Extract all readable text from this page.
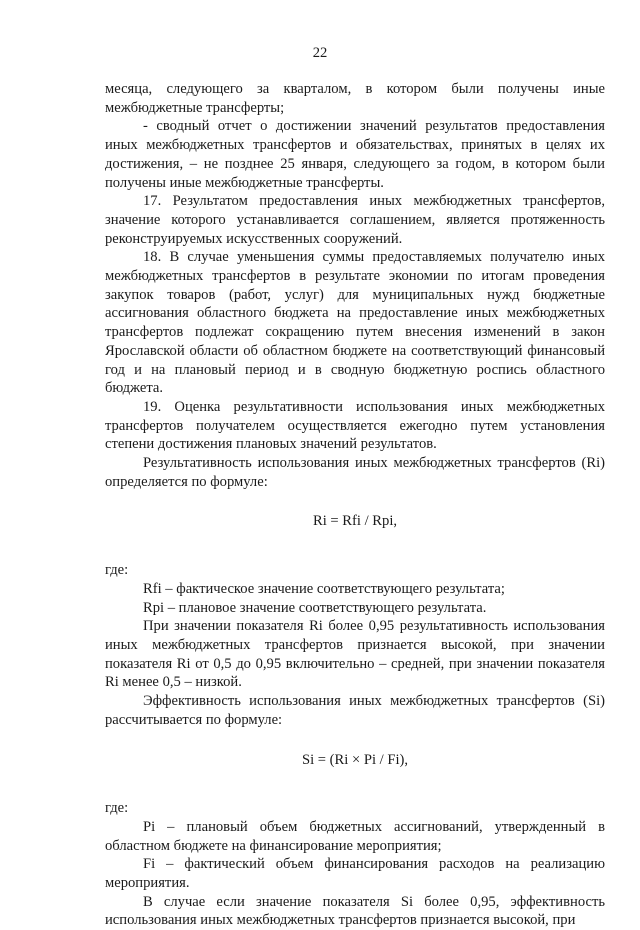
22

месяца, следующего за кварталом, в котором были получены иные межбюджетные трансферты;

- сводный отчет о достижении значений результатов предоставления иных межбюджетных трансфертов и обязательствах, принятых в целях их достижения, – не позднее 25 января, следующего за годом, в котором были получены иные межбюджетные трансферты.

17. Результатом предоставления иных межбюджетных трансфертов, значение которого устанавливается соглашением, является протяженность реконструируемых искусственных сооружений.

18. В случае уменьшения суммы предоставляемых получателю иных межбюджетных трансфертов в результате экономии по итогам проведения закупок товаров (работ, услуг) для муниципальных нужд бюджетные ассигнования областного бюджета на предоставление иных межбюджетных трансфертов подлежат сокращению путем внесения изменений в закон Ярославской области об областном бюджете на соответствующий финансовый год и на плановый период и в сводную бюджетную роспись областного бюджета.

19. Оценка результативности использования иных межбюджетных трансфертов получателем осуществляется ежегодно путем установления степени достижения плановых значений результатов.

Результативность использования иных межбюджетных трансфертов (Ri) определяется по формуле:

Ri = Rfi / Rpi,

где:

Rfi – фактическое значение соответствующего результата;

Rpi – плановое значение соответствующего результата.

При значении показателя Ri более 0,95 результативность использования иных межбюджетных трансфертов признается высокой, при значении показателя Ri от 0,5 до 0,95 включительно – средней, при значении показателя Ri менее 0,5 – низкой.

Эффективность использования иных межбюджетных трансфертов (Si) рассчитывается по формуле:

Si = (Ri × Pi / Fi),

где:

Pi – плановый объем бюджетных ассигнований, утвержденный в областном бюджете на финансирование мероприятия;

Fi – фактический объем финансирования расходов на реализацию мероприятия.

В случае если значение показателя Si более 0,95, эффективность использования иных межбюджетных трансфертов признается высокой, при
